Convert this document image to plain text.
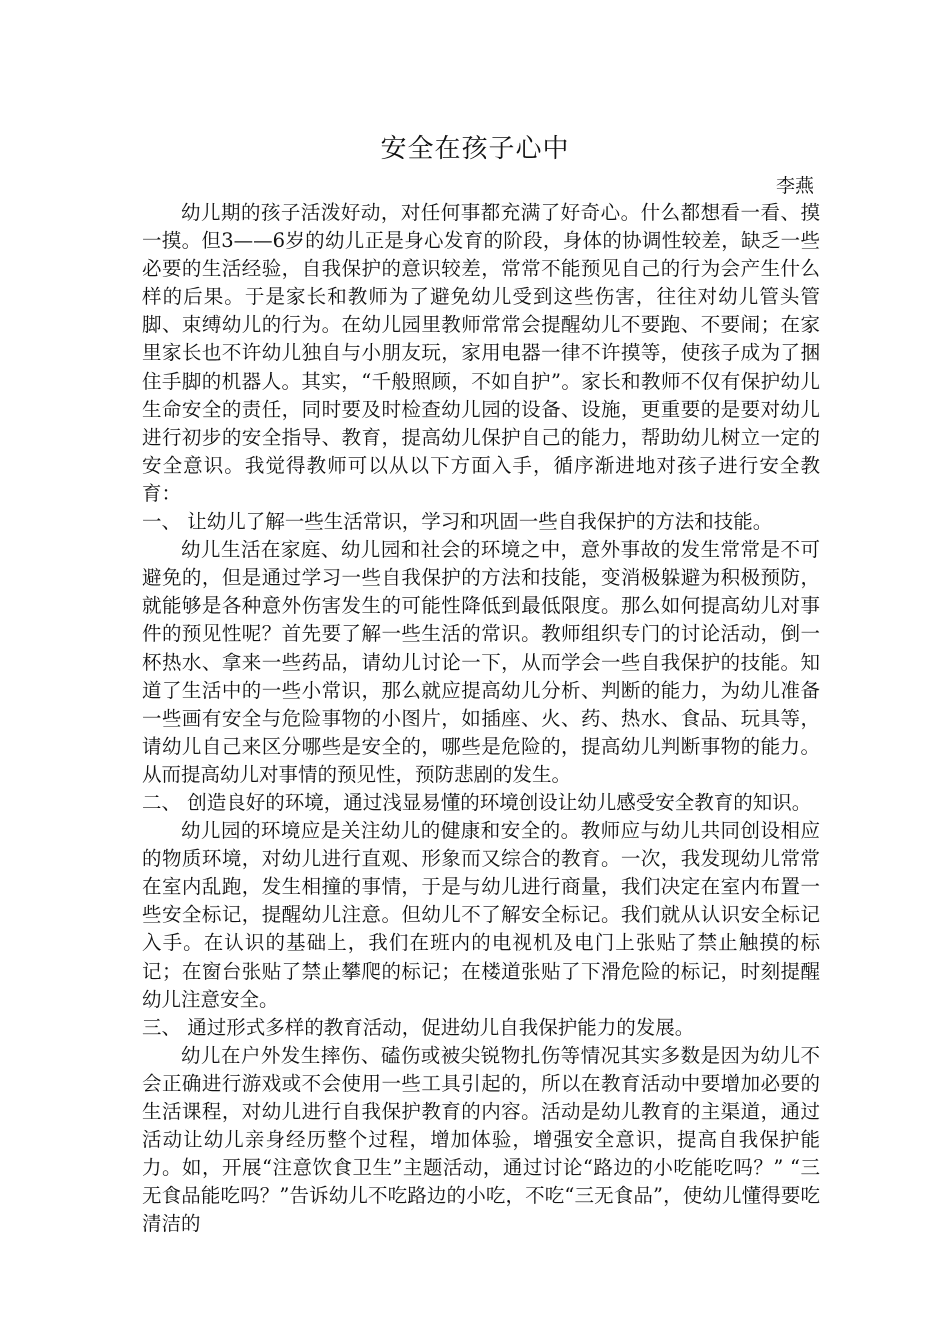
安全在孩子心中
李燕

幼儿期的孩子活泼好动，对任何事都充满了好奇心。什么都想看一看、摸一摸。但3——6岁的幼儿正是身心发育的阶段，身体的协调性较差，缺乏一些必要的生活经验，自我保护的意识较差，常常不能预见自己的行为会产生什么样的后果。于是家长和教师为了避免幼儿受到这些伤害，往往对幼儿管头管脚、束缚幼儿的行为。在幼儿园里教师常常会提醒幼儿不要跑、不要闹；在家里家长也不许幼儿独自与小朋友玩，家用电器一律不许摸等，使孩子成为了捆住手脚的机器人。其实，“千般照顾，不如自护”。家长和教师不仅有保护幼儿生命安全的责任，同时要及时检查幼儿园的设备、设施，更重要的是要对幼儿进行初步的安全指导、教育，提高幼儿保护自己的能力，帮助幼儿树立一定的安全意识。我觉得教师可以从以下方面入手，循序渐进地对孩子进行安全教育：

一、 让幼儿了解一些生活常识，学习和巩固一些自我保护的方法和技能。

幼儿生活在家庭、幼儿园和社会的环境之中，意外事故的发生常常是不可避免的，但是通过学习一些自我保护的方法和技能，变消极躲避为积极预防，就能够是各种意外伤害发生的可能性降低到最低限度。那么如何提高幼儿对事件的预见性呢？首先要了解一些生活的常识。教师组织专门的讨论活动，倒一杯热水、拿来一些药品，请幼儿讨论一下，从而学会一些自我保护的技能。知道了生活中的一些小常识，那么就应提高幼儿分析、判断的能力，为幼儿准备一些画有安全与危险事物的小图片，如插座、火、药、热水、食品、玩具等，请幼儿自己来区分哪些是安全的，哪些是危险的，提高幼儿判断事物的能力。从而提高幼儿对事情的预见性，预防悲剧的发生。

二、 创造良好的环境，通过浅显易懂的环境创设让幼儿感受安全教育的知识。

幼儿园的环境应是关注幼儿的健康和安全的。教师应与幼儿共同创设相应的物质环境，对幼儿进行直观、形象而又综合的教育。一次，我发现幼儿常常在室内乱跑，发生相撞的事情，于是与幼儿进行商量，我们决定在室内布置一些安全标记，提醒幼儿注意。但幼儿不了解安全标记。我们就从认识安全标记入手。在认识的基础上，我们在班内的电视机及电门上张贴了禁止触摸的标记；在窗台张贴了禁止攀爬的标记；在楼道张贴了下滑危险的标记，时刻提醒幼儿注意安全。

三、 通过形式多样的教育活动，促进幼儿自我保护能力的发展。

幼儿在户外发生摔伤、磕伤或被尖锐物扎伤等情况其实多数是因为幼儿不会正确进行游戏或不会使用一些工具引起的，所以在教育活动中要增加必要的生活课程，对幼儿进行自我保护教育的内容。活动是幼儿教育的主渠道，通过活动让幼儿亲身经历整个过程，增加体验，增强安全意识，提高自我保护能力。如，开展“注意饮食卫生”主题活动，通过讨论“路边的小吃能吃吗？” “三无食品能吃吗？”告诉幼儿不吃路边的小吃，不吃“三无食品”，使幼儿懂得要吃清洁的
